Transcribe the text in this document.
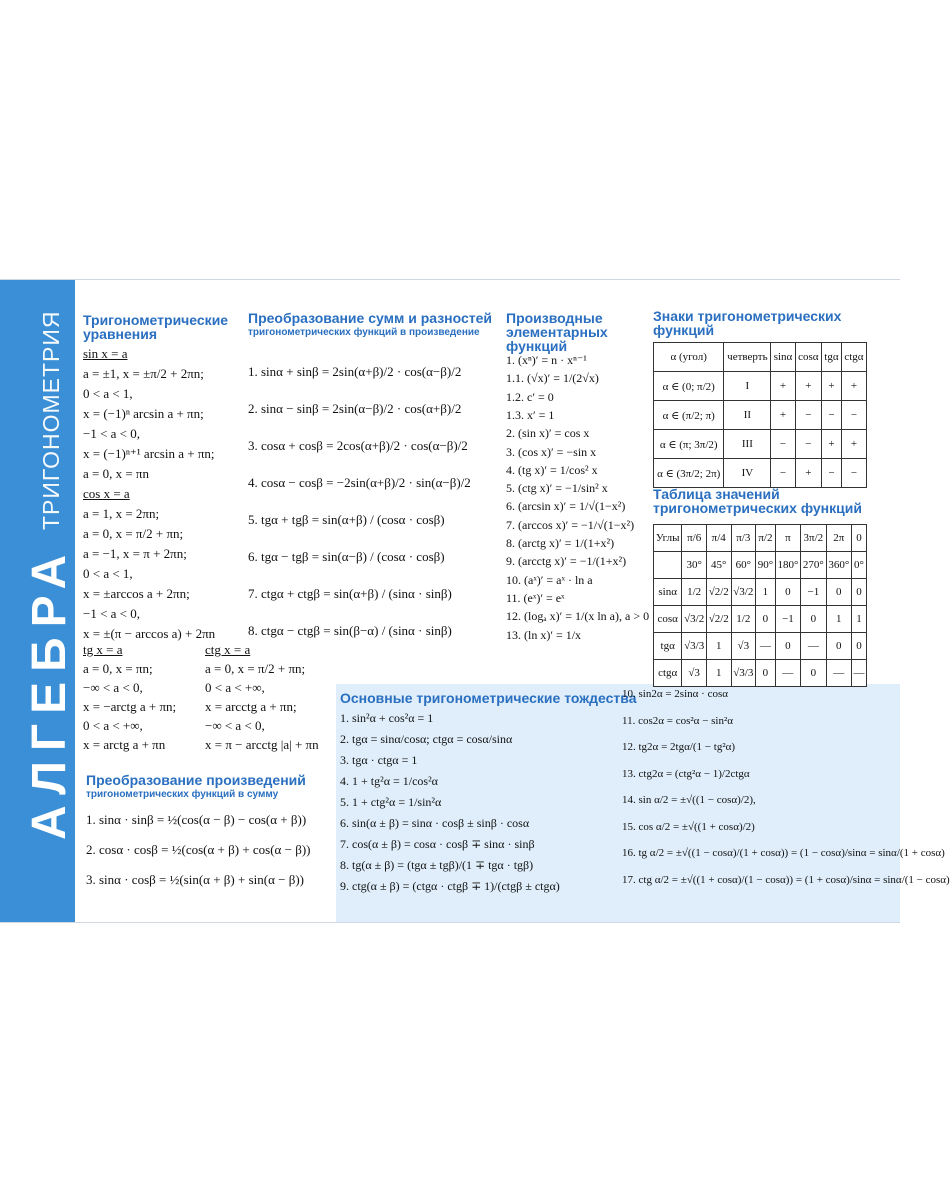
АЛГЕБРА
ТРИГОНОМЕТРИЯ Тригонометрические уравнения
sin x = a
a = ±1, x = ±π/2 + 2πn;
0 < a < 1,
x = (−1)ⁿ arcsin a + πn;
−1 < a < 0,
x = (−1)ⁿ⁺¹ arcsin a + πn;
a = 0, x = πn
cos x = a
a = 1, x = 2πn;
a = 0, x = π/2 + πn;
a = −1, x = π + 2πn;
0 < a < 1,
x = ±arccos a + 2πn;
−1 < a < 0,
x = ±(π − arccos a) + 2πn
tg x = a
a = 0, x = πn;
−∞ < a < 0,
x = −arctg a + πn;
0 < a < +∞,
x = arctg a + πn
ctg x = a
a = 0, x = π/2 + πn;
0 < a < +∞,
x = arcctg a + πn;
−∞ < a < 0,
x = π − arcctg |a| + πn
Преобразование сумм и разностей
тригонометрических функций в произведение
1. sinα + sinβ = 2sin(α+β)/2 · cos(α−β)/2
2. sinα − sinβ = 2sin(α−β)/2 · cos(α+β)/2
3. cosα + cosβ = 2cos(α+β)/2 · cos(α−β)/2
4. cosα − cosβ = −2sin(α+β)/2 · sin(α−β)/2
5. tgα + tgβ = sin(α+β) / (cosα · cosβ)
6. tgα − tgβ = sin(α−β) / (cosα · cosβ)
7. ctgα + ctgβ = sin(α+β) / (sinα · sinβ)
8. ctgα − ctgβ = sin(β−α) / (sinα · sinβ)
Производные элементарных функций
1. (xⁿ)′ = n · xⁿ⁻¹
1.1. (√x)′ = 1/(2√x)
1.2. c′ = 0
1.3. x′ = 1
2. (sin x)′ = cos x
3. (cos x)′ = −sin x
4. (tg x)′ = 1/cos² x
5. (ctg x)′ = −1/sin² x
6. (arcsin x)′ = 1/√(1−x²)
7. (arccos x)′ = −1/√(1−x²)
8. (arctg x)′ = 1/(1+x²)
9. (arcctg x)′ = −1/(1+x²)
10. (aˣ)′ = aˣ · ln a
11. (eˣ)′ = eˣ
12. (logₐ x)′ = 1/(x ln a), a > 0
13. (ln x)′ = 1/x
Знаки тригонометрических функций
α (угол)	четверть	sinα	cosα	tgα	ctgα
α ∈ (0; π/2)	I	+	+	+	+
α ∈ (π/2; π)	II	+	−	−	−
α ∈ (π; 3π/2)	III	−	−	+	+
α ∈ (3π/2; 2π)	IV	−	+	−	−
Таблица значений тригонометрических функций
Углы	π/6	π/4	π/3	π/2	π	3π/2	2π	0
	30°	45°	60°	90°	180°	270°	360°	0°
sinα	1/2	√2/2	√3/2	1	0	−1	0	0
cosα	√3/2	√2/2	1/2	0	−1	0	1	1
tgα	√3/3	1	√3	—	0	—	0	0
ctgα	√3	1	√3/3	0	—	0	—	—
Основные тригонометрические тождества
1. sin²α + cos²α = 1
2. tgα = sinα/cosα; ctgα = cosα/sinα
3. tgα · ctgα = 1
4. 1 + tg²α = 1/cos²α
5. 1 + ctg²α = 1/sin²α
6. sin(α ± β) = sinα · cosβ ± sinβ · cosα
7. cos(α ± β) = cosα · cosβ ∓ sinα · sinβ
8. tg(α ± β) = (tgα ± tgβ)/(1 ∓ tgα · tgβ)
9. ctg(α ± β) = (ctgα · ctgβ ∓ 1)/(ctgβ ± ctgα)
10. sin2α = 2sinα · cosα
11. cos2α = cos²α − sin²α
12. tg2α = 2tgα/(1 − tg²α)
13. ctg2α = (ctg²α − 1)/2ctgα
14. sin α/2 = ±√((1 − cosα)/2),
15. cos α/2 = ±√((1 + cosα)/2)
16. tg α/2 = ±√((1 − cosα)/(1 + cosα)) = (1 − cosα)/sinα = sinα/(1 + cosα)
17. ctg α/2 = ±√((1 + cosα)/(1 − cosα)) = (1 + cosα)/sinα = sinα/(1 − cosα)
Преобразование произведений
тригонометрических функций в сумму
1. sinα · sinβ = ½(cos(α − β) − cos(α + β))
2. cosα · cosβ = ½(cos(α + β) + cos(α − β))
3. sinα · cosβ = ½(sin(α + β) + sin(α − β))
